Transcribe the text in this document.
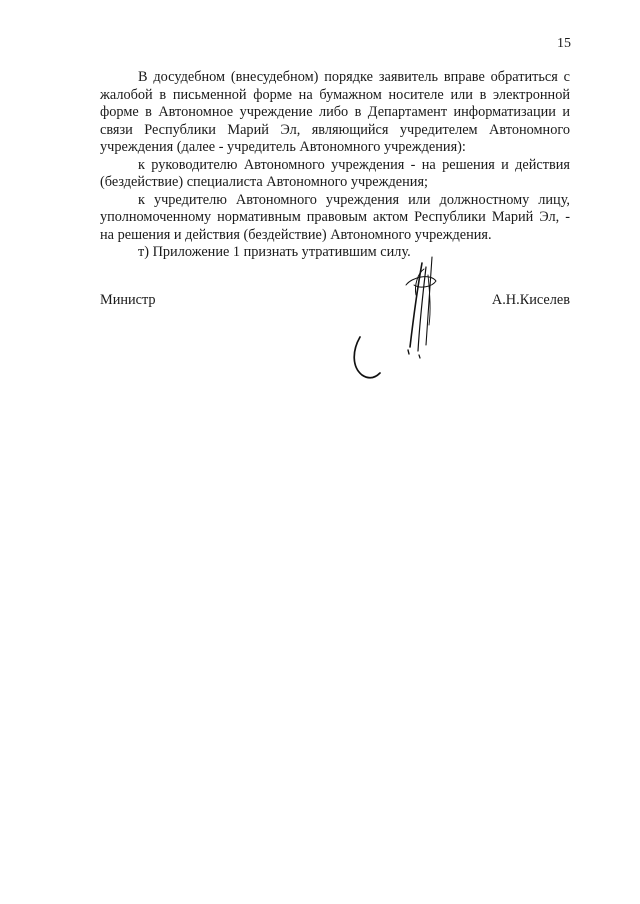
15

В досудебном (внесудебном) порядке заявитель вправе обратиться с жалобой в письменной форме на бумажном носителе или в электронной форме в Автономное учреждение либо в Департамент информатизации и связи Республики Марий Эл, являющийся учредителем Автономного учреждения (далее - учредитель Автономного учреждения):

к руководителю Автономного учреждения - на решения и действия (бездействие) специалиста Автономного учреждения;

к учредителю Автономного учреждения или должностному лицу, уполномоченному нормативным правовым актом Республики Марий Эл, - на решения и действия (бездействие) Автономного учреждения.

т) Приложение 1 признать утратившим силу.

Министр	А.Н.Киселев
